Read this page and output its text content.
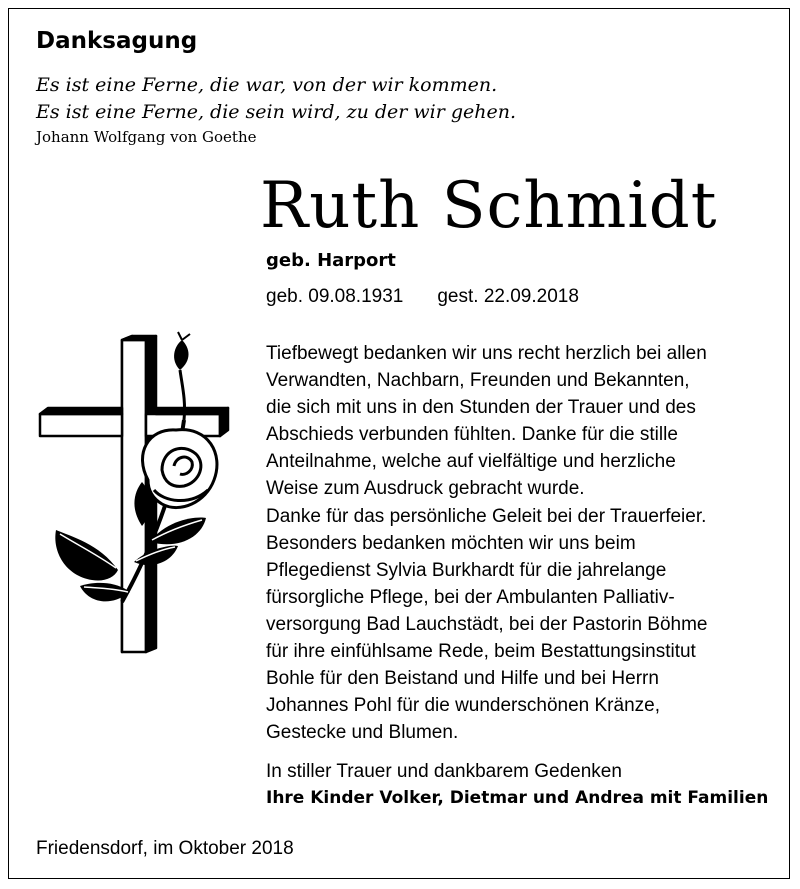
Danksagung
Es ist eine Ferne, die war, von der wir kommen.
Es ist eine Ferne, die sein wird, zu der wir gehen.
Johann Wolfgang von Goethe
Ruth Schmidt
geb. Harport
geb. 09.08.1931 gest. 22.09.2018
Tiefbewegt bedanken wir uns recht herzlich bei allen
Verwandten, Nachbarn, Freunden und Bekannten,
die sich mit uns in den Stunden der Trauer und des
Abschieds verbunden fühlten. Danke für die stille
Anteilnahme, welche auf vielfältige und herzliche
Weise zum Ausdruck gebracht wurde.
Danke für das persönliche Geleit bei der Trauerfeier.
Besonders bedanken möchten wir uns beim
Pflegedienst Sylvia Burkhardt für die jahrelange
fürsorgliche Pflege, bei der Ambulanten Palliativ-
versorgung Bad Lauchstädt, bei der Pastorin Böhme
für ihre einfühlsame Rede, beim Bestattungsinstitut
Bohle für den Beistand und Hilfe und bei Herrn
Johannes Pohl für die wunderschönen Kränze,
Gestecke und Blumen.
In stiller Trauer und dankbarem Gedenken
Ihre Kinder Volker, Dietmar und Andrea mit Familien
Friedensdorf, im Oktober 2018
